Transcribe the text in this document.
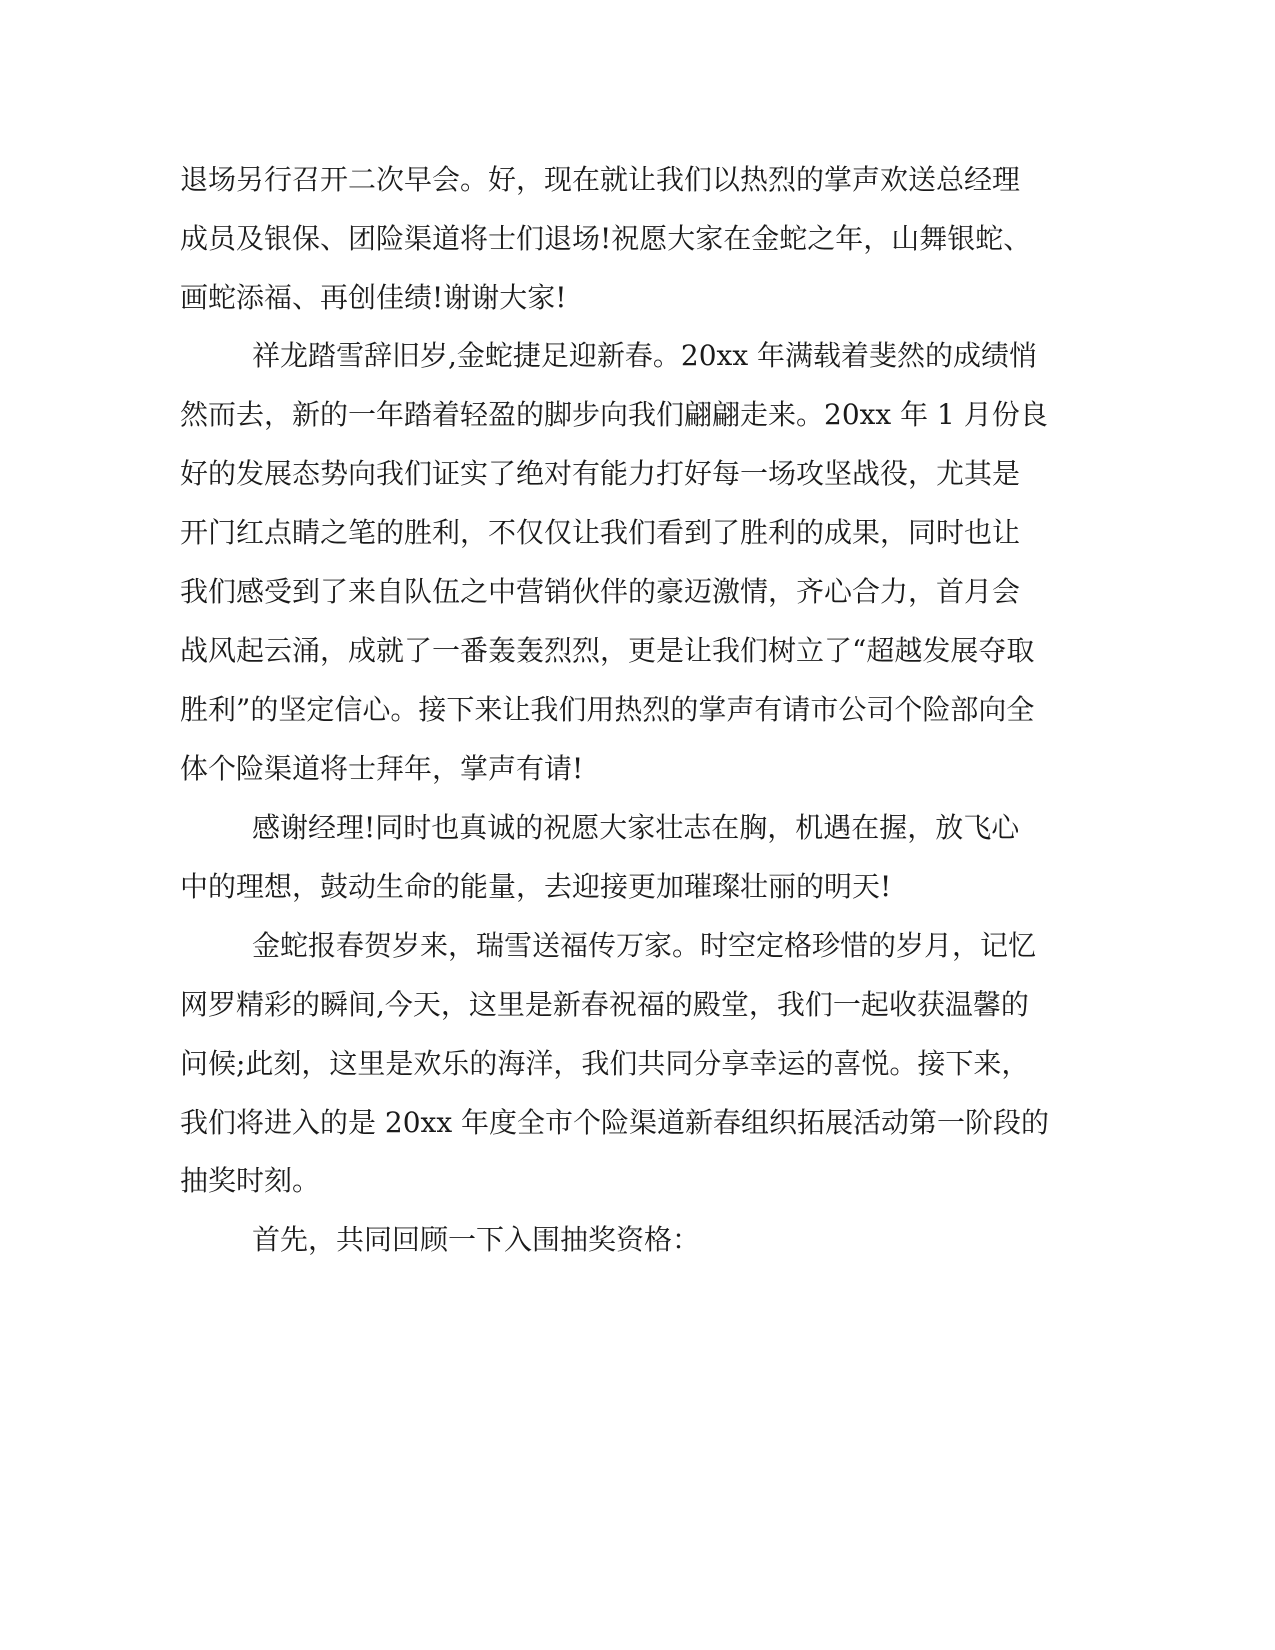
退场另行召开二次早会。好，现在就让我们以热烈的掌声欢送总经理
成员及银保、团险渠道将士们退场!祝愿大家在金蛇之年，山舞银蛇、
画蛇添福、再创佳绩!谢谢大家!
祥龙踏雪辞旧岁,金蛇捷足迎新春。20xx 年满载着斐然的成绩悄
然而去，新的一年踏着轻盈的脚步向我们翩翩走来。20xx 年 1 月份良
好的发展态势向我们证实了绝对有能力打好每一场攻坚战役，尤其是
开门红点睛之笔的胜利，不仅仅让我们看到了胜利的成果，同时也让
我们感受到了来自队伍之中营销伙伴的豪迈激情，齐心合力，首月会
战风起云涌，成就了一番轰轰烈烈，更是让我们树立了“超越发展夺取
胜利”的坚定信心。接下来让我们用热烈的掌声有请市公司个险部向全
体个险渠道将士拜年，掌声有请!
感谢经理!同时也真诚的祝愿大家壮志在胸，机遇在握，放飞心
中的理想，鼓动生命的能量，去迎接更加璀璨壮丽的明天!
金蛇报春贺岁来，瑞雪送福传万家。时空定格珍惜的岁月，记忆
网罗精彩的瞬间,今天，这里是新春祝福的殿堂，我们一起收获温馨的
问候;此刻，这里是欢乐的海洋，我们共同分享幸运的喜悦。接下来，
我们将进入的是 20xx 年度全市个险渠道新春组织拓展活动第一阶段的
抽奖时刻。
首先，共同回顾一下入围抽奖资格：
